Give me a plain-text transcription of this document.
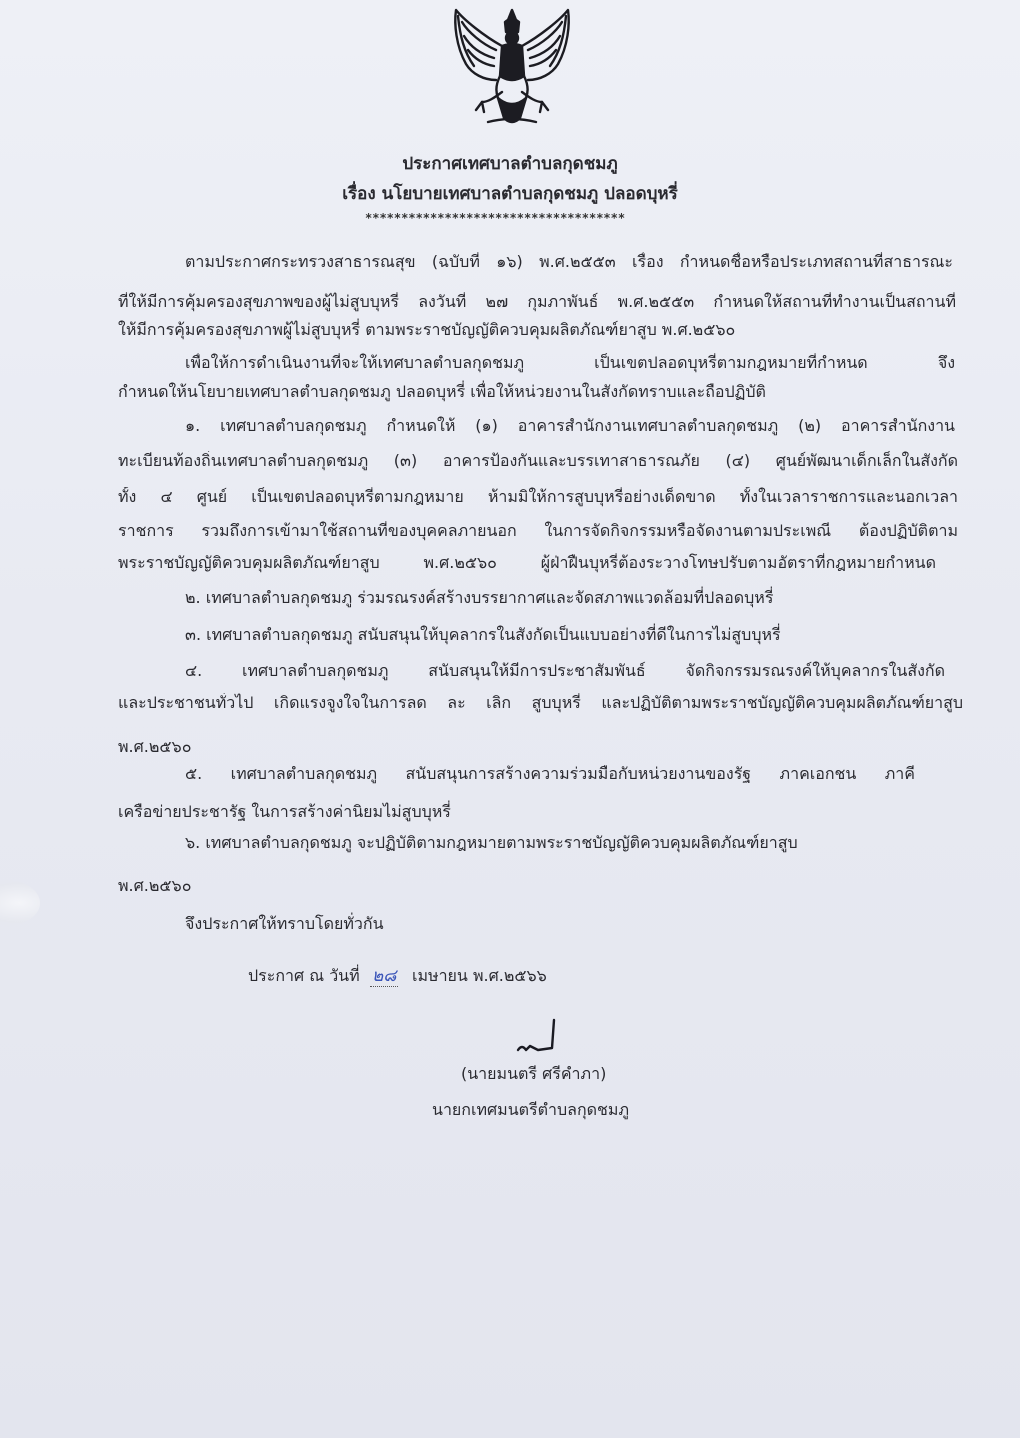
ประกาศเทศบาลตำบลกุดชมภู
เรื่อง นโยบายเทศบาลตำบลกุดชมภู ปลอดบุหรี่
************************************
ตามประกาศกระทรวงสาธารณสุข (ฉบับที่ ๑๖) พ.ศ.๒๕๕๓ เรื่อง กำหนดชื่อหรือประเภทสถานที่สาธารณะ
ที่ให้มีการคุ้มครองสุขภาพของผู้ไม่สูบบุหรี่ ลงวันที่ ๒๗ กุมภาพันธ์ พ.ศ.๒๕๕๓ กำหนดให้สถานที่ทำงานเป็นสถานที่
ให้มีการคุ้มครองสุขภาพผู้ไม่สูบบุหรี่ ตามพระราชบัญญัติควบคุมผลิตภัณฑ์ยาสูบ พ.ศ.๒๕๖๐
เพื่อให้การดำเนินงานที่จะให้เทศบาลตำบลกุดชมภู เป็นเขตปลอดบุหรี่ตามกฎหมายที่กำหนด จึง
กำหนดให้นโยบายเทศบาลตำบลกุดชมภู ปลอดบุหรี่ เพื่อให้หน่วยงานในสังกัดทราบและถือปฏิบัติ
๑. เทศบาลตำบลกุดชมภู กำหนดให้ (๑) อาคารสำนักงานเทศบาลตำบลกุดชมภู (๒) อาคารสำนักงาน
ทะเบียนท้องถิ่นเทศบาลตำบลกุดชมภู (๓) อาคารป้องกันและบรรเทาสาธารณภัย (๔) ศูนย์พัฒนาเด็กเล็กในสังกัด
ทั้ง ๔ ศูนย์ เป็นเขตปลอดบุหรี่ตามกฎหมาย ห้ามมิให้การสูบบุหรี่อย่างเด็ดขาด ทั้งในเวลาราชการและนอกเวลา
ราชการ รวมถึงการเข้ามาใช้สถานที่ของบุคคลภายนอก ในการจัดกิจกรรมหรือจัดงานตามประเพณี ต้องปฏิบัติตาม
พระราชบัญญัติควบคุมผลิตภัณฑ์ยาสูบ พ.ศ.๒๕๖๐ ผู้ฝ่าฝืนบุหรี่ต้องระวางโทษปรับตามอัตราที่กฎหมายกำหนด
๒. เทศบาลตำบลกุดชมภู ร่วมรณรงค์สร้างบรรยากาศและจัดสภาพแวดล้อมที่ปลอดบุหรี่
๓. เทศบาลตำบลกุดชมภู สนับสนุนให้บุคลากรในสังกัดเป็นแบบอย่างที่ดีในการไม่สูบบุหรี่
๔. เทศบาลตำบลกุดชมภู สนับสนุนให้มีการประชาสัมพันธ์ จัดกิจกรรมรณรงค์ให้บุคลากรในสังกัด
และประชาชนทั่วไป เกิดแรงจูงใจในการลด ละ เลิก สูบบุหรี่ และปฏิบัติตามพระราชบัญญัติควบคุมผลิตภัณฑ์ยาสูบ
พ.ศ.๒๕๖๐
๕. เทศบาลตำบลกุดชมภู สนับสนุนการสร้างความร่วมมือกับหน่วยงานของรัฐ ภาคเอกชน ภาคี
เครือข่ายประชารัฐ ในการสร้างค่านิยมไม่สูบบุหรี่
๖. เทศบาลตำบลกุดชมภู จะปฏิบัติตามกฎหมายตามพระราชบัญญัติควบคุมผลิตภัณฑ์ยาสูบ
พ.ศ.๒๕๖๐
จึงประกาศให้ทราบโดยทั่วกัน
ประกาศ ณ วันที่ ๒๘ เมษายน พ.ศ.๒๕๖๖
(นายมนตรี ศรีคำภา)
นายกเทศมนตรีตำบลกุดชมภู
